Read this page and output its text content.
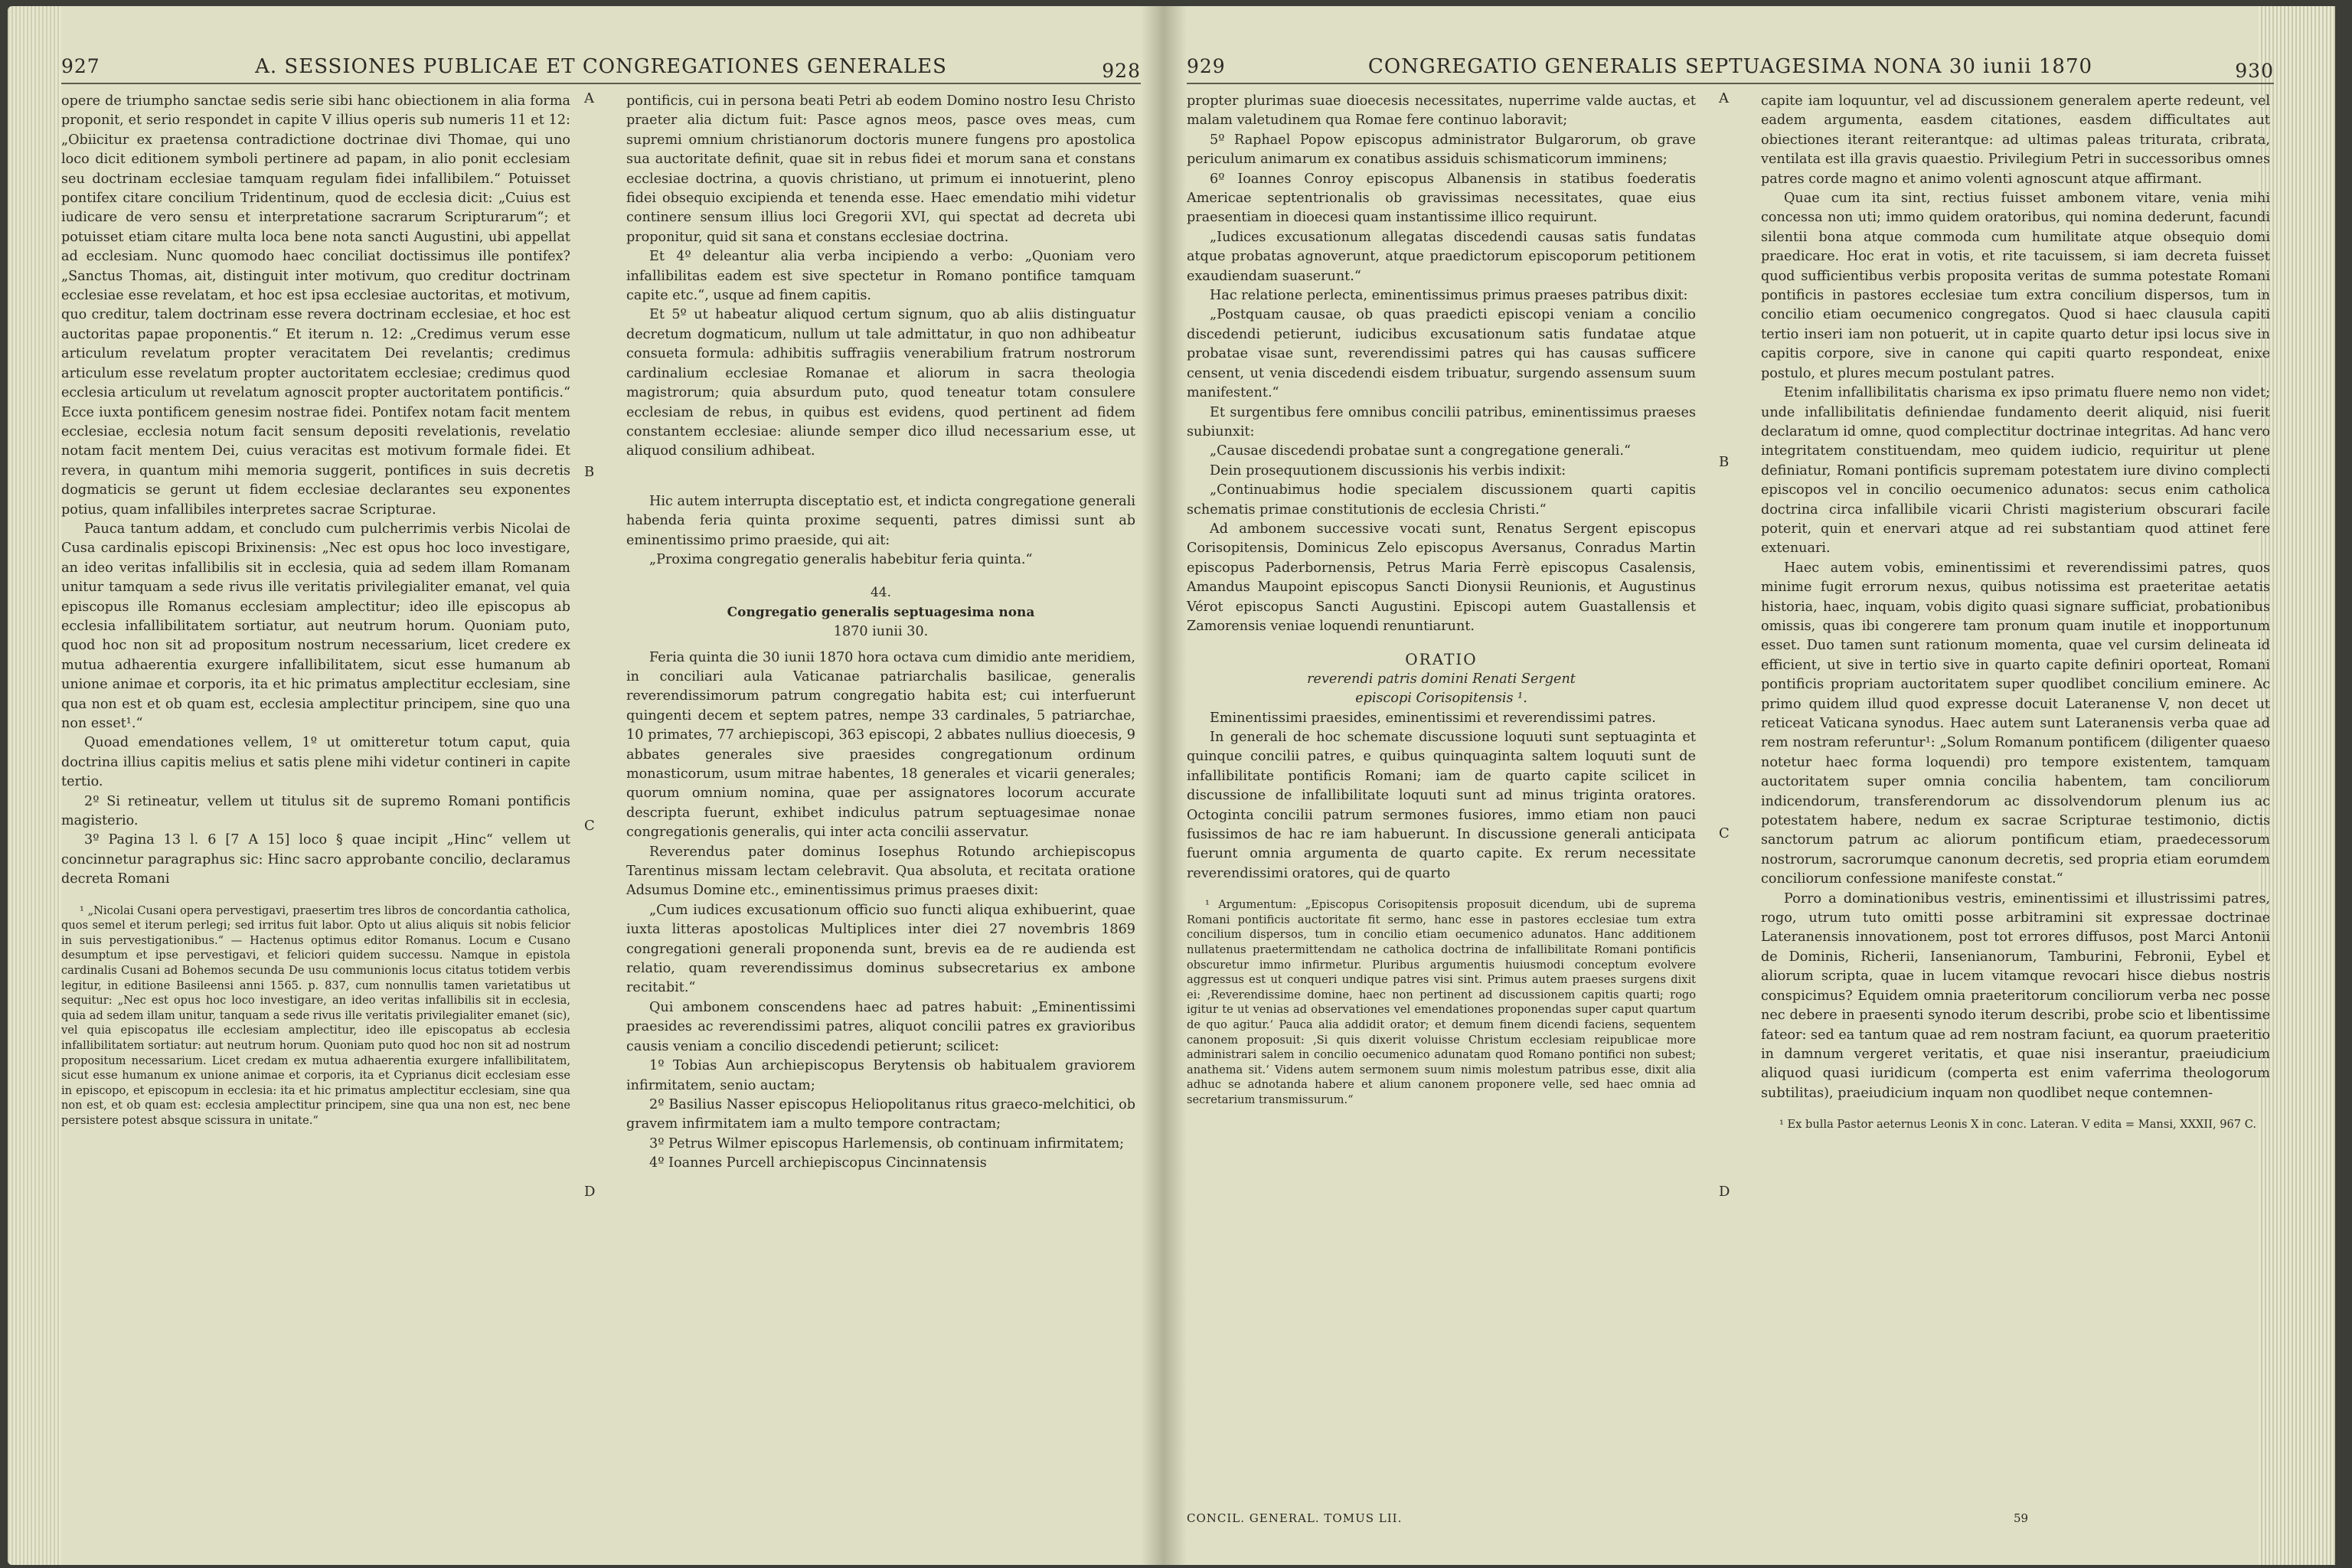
927	A. SESSIONES PUBLICAE ET CONGREGATIONES GENERALES	928

opere de triumpho sanctae sedis serie sibi hanc obiectionem in alia forma proponit, et serio respondet in capite V illius operis sub numeris 11 et 12: „Obiicitur ex praetensa contradictione doctrinae divi Thomae, qui uno loco dicit editionem symboli pertinere ad papam, in alio ponit ecclesiam seu doctrinam ecclesiae tamquam regulam fidei infallibilem.“ Potuisset pontifex citare concilium Tridentinum, quod de ecclesia dicit: „Cuius est iudicare de vero sensu et interpretatione sacrarum Scripturarum“; et potuisset etiam citare multa loca bene nota sancti Augustini, ubi appellat ad ecclesiam. Nunc quomodo haec conciliat doctissimus ille pontifex? „Sanctus Thomas, ait, distinguit inter motivum, quo creditur doctrinam ecclesiae esse revelatam, et hoc est ipsa ecclesiae auctoritas, et motivum, quo creditur, talem doctrinam esse revera doctrinam ecclesiae, et hoc est auctoritas papae proponentis.“ Et iterum n. 12: „Credimus verum esse articulum revelatum propter veracitatem Dei revelantis; credimus articulum esse revelatum propter auctoritatem ecclesiae; credimus quod ecclesia articulum ut revelatum agnoscit propter auctoritatem pontificis.“ Ecce iuxta pontificem genesim nostrae fidei. Pontifex notam facit mentem ecclesiae, ecclesia notum facit sensum depositi revelationis, revelatio notam facit mentem Dei, cuius veracitas est motivum formale fidei. Et revera, in quantum mihi memoria suggerit, pontifices in suis decretis dogmaticis se gerunt ut fidem ecclesiae declarantes seu exponentes potius, quam infallibiles interpretes sacrae Scripturae.

Pauca tantum addam, et concludo cum pulcherrimis verbis Nicolai de Cusa cardinalis episcopi Brixinensis: „Nec est opus hoc loco investigare, an ideo veritas infallibilis sit in ecclesia, quia ad sedem illam Romanam unitur tamquam a sede rivus ille veritatis privilegialiter emanat, vel quia episcopus ille Romanus ecclesiam amplectitur; ideo ille episcopus ab ecclesia infallibilitatem sortiatur, aut neutrum horum. Quoniam puto, quod hoc non sit ad propositum nostrum necessarium, licet credere ex mutua adhaerentia exurgere infallibilitatem, sicut esse humanum ab unione animae et corporis, ita et hic primatus amplectitur ecclesiam, sine qua non est et ob quam est, ecclesia amplectitur principem, sine quo una non esset¹.“

Quoad emendationes vellem, 1º ut omitteretur totum caput, quia doctrina illius capitis melius et satis plene mihi videtur contineri in capite tertio.

2º Si retineatur, vellem ut titulus sit de supremo Romani pontificis magisterio.

3º Pagina 13 l. 6 [7 A 15] loco § quae incipit „Hinc“ vellem ut concinnetur paragraphus sic: Hinc sacro approbante concilio, declaramus decreta Romani

¹ „Nicolai Cusani opera pervestigavi, praesertim tres libros de concordantia catholica, quos semel et iterum perlegi; sed irritus fuit labor. Opto ut alius aliquis sit nobis felicior in suis pervestigationibus.“ — Hactenus optimus editor Romanus. Locum e Cusano desumptum et ipse pervestigavi, et feliciori quidem successu. Namque in epistola cardinalis Cusani ad Bohemos secunda De usu communionis locus citatus totidem verbis legitur, in editione Basileensi anni 1565. p. 837, cum nonnullis tamen varietatibus ut sequitur: „Nec est opus hoc loco investigare, an ideo veritas infallibilis sit in ecclesia, quia ad sedem illam unitur, tanquam a sede rivus ille veritatis privilegialiter emanet (sic), vel quia episcopatus ille ecclesiam amplectitur, ideo ille episcopatus ab ecclesia infallibilitatem sortiatur: aut neutrum horum. Quoniam puto quod hoc non sit ad nostrum propositum necessarium. Licet credam ex mutua adhaerentia exurgere infallibilitatem, sicut esse humanum ex unione animae et corporis, ita et Cyprianus dicit ecclesiam esse in episcopo, et episcopum in ecclesia: ita et hic primatus amplectitur ecclesiam, sine qua non est, et ob quam est: ecclesia amplectitur principem, sine qua una non est, nec bene persistere potest absque scissura in unitate.“

pontificis, cui in persona beati Petri ab eodem Domino nostro Iesu Christo praeter alia dictum fuit: Pasce agnos meos, pasce oves meas, cum supremi omnium christianorum doctoris munere fungens pro apostolica sua auctoritate definit, quae sit in rebus fidei et morum sana et constans ecclesiae doctrina, a quovis christiano, ut primum ei innotuerint, pleno fidei obsequio excipienda et tenenda esse. Haec emendatio mihi videtur continere sensum illius loci Gregorii XVI, qui spectat ad decreta ubi proponitur, quid sit sana et constans ecclesiae doctrina.

Et 4º deleantur alia verba incipiendo a verbo: „Quoniam vero infallibilitas eadem est sive spectetur in Romano pontifice tamquam capite etc.“, usque ad finem capitis.

Et 5º ut habeatur aliquod certum signum, quo ab aliis distinguatur decretum dogmaticum, nullum ut tale admittatur, in quo non adhibeatur consueta formula: adhibitis suffragiis venerabilium fratrum nostrorum cardinalium ecclesiae Romanae et aliorum in sacra theologia magistrorum; quia absurdum puto, quod teneatur totam consulere ecclesiam de rebus, in quibus est evidens, quod pertinent ad fidem constantem ecclesiae: aliunde semper dico illud necessarium esse, ut aliquod consilium adhibeat.

Hic autem interrupta disceptatio est, et indicta congregatione generali habenda feria quinta proxime sequenti, patres dimissi sunt ab eminentissimo primo praeside, qui ait:

„Proxima congregatio generalis habebitur feria quinta.“

44.

Congregatio generalis septuagesima nona

1870 iunii 30.

Feria quinta die 30 iunii 1870 hora octava cum dimidio ante meridiem, in conciliari aula Vaticanae patriarchalis basilicae, generalis reverendissimorum patrum congregatio habita est; cui interfuerunt quingenti decem et septem patres, nempe 33 cardinales, 5 patriarchae, 10 primates, 77 archiepiscopi, 363 episcopi, 2 abbates nullius dioecesis, 9 abbates generales sive praesides congregationum ordinum monasticorum, usum mitrae habentes, 18 generales et vicarii generales; quorum omnium nomina, quae per assignatores locorum accurate descripta fuerunt, exhibet indiculus patrum septuagesimae nonae congregationis generalis, qui inter acta concilii asservatur.

Reverendus pater dominus Iosephus Rotundo archiepiscopus Tarentinus missam lectam celebravit. Qua absoluta, et recitata oratione Adsumus Domine etc., eminentissimus primus praeses dixit:

„Cum iudices excusationum officio suo functi aliqua exhibuerint, quae iuxta litteras apostolicas Multiplices inter diei 27 novembris 1869 congregationi generali proponenda sunt, brevis ea de re audienda est relatio, quam reverendissimus dominus subsecretarius ex ambone recitabit.“

Qui ambonem conscendens haec ad patres habuit: „Eminentissimi praesides ac reverendissimi patres, aliquot concilii patres ex gravioribus causis veniam a concilio discedendi petierunt; scilicet:

1º Tobias Aun archiepiscopus Berytensis ob habitualem graviorem infirmitatem, senio auctam;

2º Basilius Nasser episcopus Heliopolitanus ritus graeco-melchitici, ob gravem infirmitatem iam a multo tempore contractam;

3º Petrus Wilmer episcopus Harlemensis, ob continuam infirmitatem;

4º Ioannes Purcell archiepiscopus Cincinnatensis

A
B
C
D
929	CONGREGATIO GENERALIS SEPTUAGESIMA NONA 30 iunii 1870	930

propter plurimas suae dioecesis necessitates, nuperrime valde auctas, et malam valetudinem qua Romae fere continuo laboravit;

5º Raphael Popow episcopus administrator Bulgarorum, ob grave periculum animarum ex conatibus assiduis schismaticorum imminens;

6º Ioannes Conroy episcopus Albanensis in statibus foederatis Americae septentrionalis ob gravissimas necessitates, quae eius praesentiam in dioecesi quam instantissime illico requirunt.

„Iudices excusationum allegatas discedendi causas satis fundatas atque probatas agnoverunt, atque praedictorum episcoporum petitionem exaudiendam suaserunt.“

Hac relatione perlecta, eminentissimus primus praeses patribus dixit:

„Postquam causae, ob quas praedicti episcopi veniam a concilio discedendi petierunt, iudicibus excusationum satis fundatae atque probatae visae sunt, reverendissimi patres qui has causas sufficere censent, ut venia discedendi eisdem tribuatur, surgendo assensum suum manifestent.“

Et surgentibus fere omnibus concilii patribus, eminentissimus praeses subiunxit:

„Causae discedendi probatae sunt a congregatione generali.“

Dein prosequutionem discussionis his verbis indixit:

„Continuabimus hodie specialem discussionem quarti capitis schematis primae constitutionis de ecclesia Christi.“

Ad ambonem successive vocati sunt, Renatus Sergent episcopus Corisopitensis, Dominicus Zelo episcopus Aversanus, Conradus Martin episcopus Paderbornensis, Petrus Maria Ferrè episcopus Casalensis, Amandus Maupoint episcopus Sancti Dionysii Reunionis, et Augustinus Vérot episcopus Sancti Augustini. Episcopi autem Guastallensis et Zamorensis veniae loquendi renuntiarunt.

ORATIO

reverendi patris domini Renati Sergent

episcopi Corisopitensis ¹.

Eminentissimi praesides, eminentissimi et reverendissimi patres.

In generali de hoc schemate discussione loquuti sunt septuaginta et quinque concilii patres, e quibus quinquaginta saltem loquuti sunt de infallibilitate pontificis Romani; iam de quarto capite scilicet in discussione de infallibilitate loquuti sunt ad minus triginta oratores. Octoginta concilii patrum sermones fusiores, immo etiam non pauci fusissimos de hac re iam habuerunt. In discussione generali anticipata fuerunt omnia argumenta de quarto capite. Ex rerum necessitate reverendissimi oratores, qui de quarto

¹ Argumentum: „Episcopus Corisopitensis proposuit dicendum, ubi de suprema Romani pontificis auctoritate fit sermo, hanc esse in pastores ecclesiae tum extra concilium dispersos, tum in concilio etiam oecumenico adunatos. Hanc additionem nullatenus praetermittendam ne catholica doctrina de infallibilitate Romani pontificis obscuretur immo infirmetur. Pluribus argumentis huiusmodi conceptum evolvere aggressus est ut conqueri undique patres visi sint. Primus autem praeses surgens dixit ei: ‚Reverendissime domine, haec non pertinent ad discussionem capitis quarti; rogo igitur te ut venias ad observationes vel emendationes proponendas super caput quartum de quo agitur.‘ Pauca alia addidit orator; et demum finem dicendi faciens, sequentem canonem proposuit: ‚Si quis dixerit voluisse Christum ecclesiam reipublicae more administrari salem in concilio oecumenico adunatam quod Romano pontifici non subest; anathema sit.‘ Videns autem sermonem suum nimis molestum patribus esse, dixit alia adhuc se adnotanda habere et alium canonem proponere velle, sed haec omnia ad secretarium transmissurum.“

capite iam loquuntur, vel ad discussionem generalem aperte redeunt, vel eadem argumenta, easdem citationes, easdem difficultates aut obiectiones iterant reiterantque: ad ultimas paleas triturata, cribrata, ventilata est illa gravis quaestio. Privilegium Petri in successoribus omnes patres corde magno et animo volenti agnoscunt atque affirmant.

Quae cum ita sint, rectius fuisset ambonem vitare, venia mihi concessa non uti; immo quidem oratoribus, qui nomina dederunt, facundi silentii bona atque commoda cum humilitate atque obsequio domi praedicare. Hoc erat in votis, et rite tacuissem, si iam decreta fuisset quod sufficientibus verbis proposita veritas de summa potestate Romani pontificis in pastores ecclesiae tum extra concilium dispersos, tum in concilio etiam oecumenico congregatos. Quod si haec clausula capiti tertio inseri iam non potuerit, ut in capite quarto detur ipsi locus sive in capitis corpore, sive in canone qui capiti quarto respondeat, enixe postulo, et plures mecum postulant patres.

Etenim infallibilitatis charisma ex ipso primatu fluere nemo non videt; unde infallibilitatis definiendae fundamento deerit aliquid, nisi fuerit declaratum id omne, quod complectitur doctrinae integritas. Ad hanc vero integritatem constituendam, meo quidem iudicio, requiritur ut plene definiatur, Romani pontificis supremam potestatem iure divino complecti episcopos vel in concilio oecumenico adunatos: secus enim catholica doctrina circa infallibile vicarii Christi magisterium obscurari facile poterit, quin et enervari atque ad rei substantiam quod attinet fere extenuari.

Haec autem vobis, eminentissimi et reverendissimi patres, quos minime fugit errorum nexus, quibus notissima est praeteritae aetatis historia, haec, inquam, vobis digito quasi signare sufficiat, probationibus omissis, quas ibi congerere tam pronum quam inutile et inopportunum esset. Duo tamen sunt rationum momenta, quae vel cursim delineata id efficient, ut sive in tertio sive in quarto capite definiri oporteat, Romani pontificis propriam auctoritatem super quodlibet concilium eminere. Ac primo quidem illud quod expresse docuit Lateranense V, non decet ut reticeat Vaticana synodus. Haec autem sunt Lateranensis verba quae ad rem nostram referuntur¹: „Solum Romanum pontificem (diligenter quaeso notetur haec forma loquendi) pro tempore existentem, tamquam auctoritatem super omnia concilia habentem, tam conciliorum indicendorum, transferendorum ac dissolvendorum plenum ius ac potestatem habere, nedum ex sacrae Scripturae testimonio, dictis sanctorum patrum ac aliorum pontificum etiam, praedecessorum nostrorum, sacrorumque canonum decretis, sed propria etiam eorumdem conciliorum confessione manifeste constat.“

Porro a dominationibus vestris, eminentissimi et illustrissimi patres, rogo, utrum tuto omitti posse arbitramini sit expressae doctrinae Lateranensis innovationem, post tot errores diffusos, post Marci Antonii de Dominis, Richerii, Iansenianorum, Tamburini, Febronii, Eybel et aliorum scripta, quae in lucem vitamque revocari hisce diebus nostris conspicimus? Equidem omnia praeteritorum conciliorum verba nec posse nec debere in praesenti synodo iterum describi, probe scio et libentissime fateor: sed ea tantum quae ad rem nostram faciunt, ea quorum praeteritio in damnum vergeret veritatis, et quae nisi inserantur, praeiudicium aliquod quasi iuridicum (comperta est enim vaferrima theologorum subtilitas), praeiudicium inquam non quodlibet neque contemnen-

¹ Ex bulla Pastor aeternus Leonis X in conc. Lateran. V edita = Mansi, XXXII, 967 C.

A
B
C
D
CONCIL. GENERAL. TOMUS LII.	59
